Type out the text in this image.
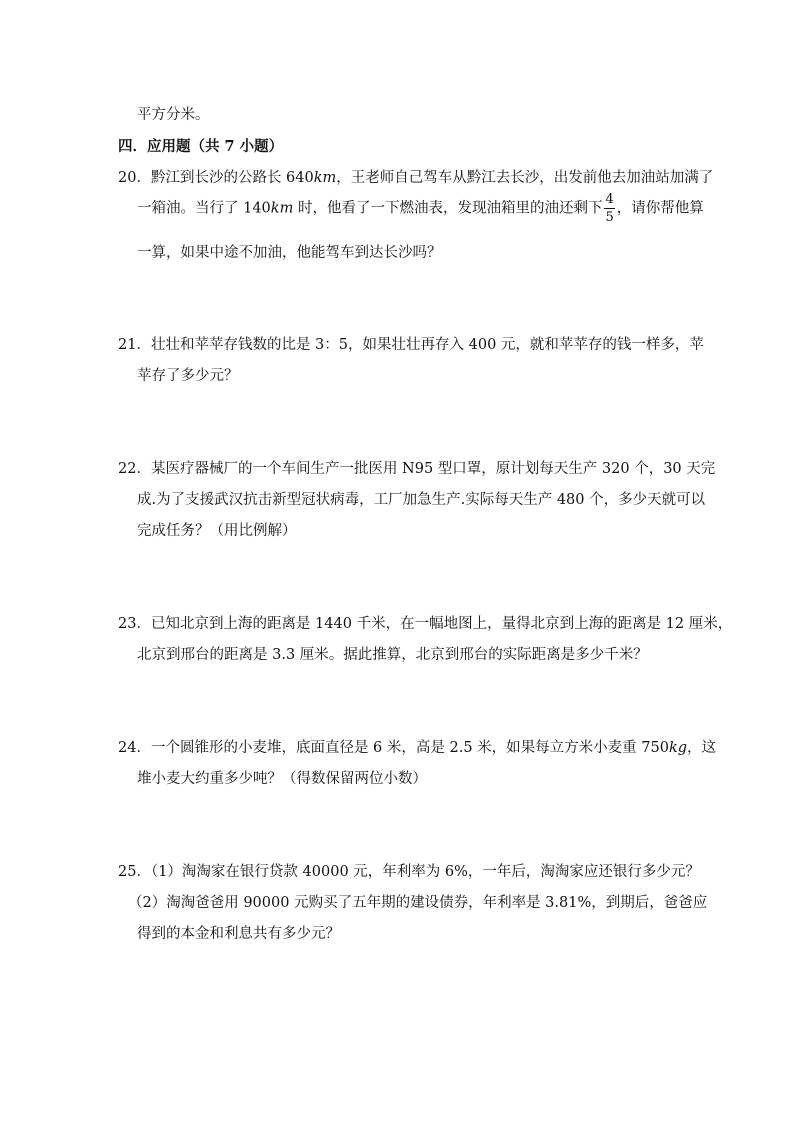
平方分米。
四．应用题（共 7 小题）
20．黔江到长沙的公路长 640km，王老师自己驾车从黔江去长沙，出发前他去加油站加满了
一箱油。当行了 140km 时，他看了一下燃油表，发现油箱里的油还剩下 $\frac{4}{5}$ ，请你帮他算
一算，如果中途不加油，他能驾车到达长沙吗？
21．壮壮和苹苹存钱数的比是 3：5，如果壮壮再存入 400 元，就和苹苹存的钱一样多，苹
苹存了多少元？
22．某医疗器械厂的一个车间生产一批医用 N95 型口罩，原计划每天生产 320 个，30 天完
成.为了支援武汉抗击新型冠状病毒，工厂加急生产.实际每天生产 480 个，多少天就可以
完成任务？（用比例解）
23．已知北京到上海的距离是 1440 千米，在一幅地图上，量得北京到上海的距离是 12 厘米，
北京到邢台的距离是 3.3 厘米。据此推算，北京到邢台的实际距离是多少千米？
24．一个圆锥形的小麦堆，底面直径是 6 米，高是 2.5 米，如果每立方米小麦重 750kg，这
堆小麦大约重多少吨？（得数保留两位小数）
25．（1）淘淘家在银行贷款 40000 元，年利率为 6%，一年后，淘淘家应还银行多少元？
（2）淘淘爸爸用 90000 元购买了五年期的建设债券，年利率是 3.81%，到期后，爸爸应
得到的本金和利息共有多少元？
